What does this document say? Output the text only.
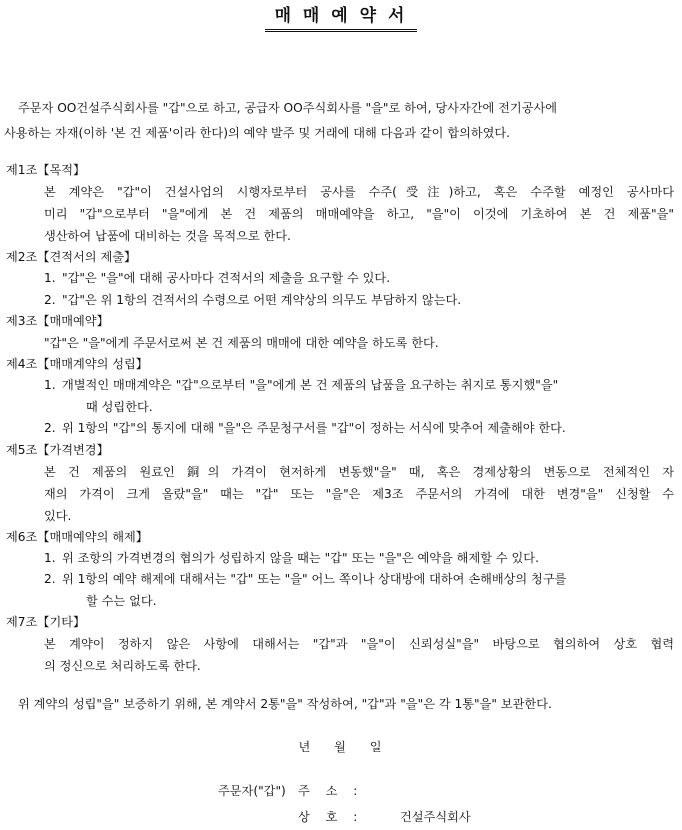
매 매 예 약 서
주문자 OO건설주식회사를 "갑"으로 하고, 공급자 OO주식회사를 "을"로 하여, 당사자간에 전기공사에
사용하는 자재(이하 '본 건 제품'이라 한다)의 예약 발주 및 거래에 대해 다음과 같이 합의하였다.
제1조【목적】
본 계약은 "갑"이 건설사업의 시행자로부터 공사를 수주(受注)하고, 혹은 수주할 예정인 공사마다
미리 "갑"으로부터 "을"에게 본 건 제품의 매매예약을 하고, "을"이 이것에 기초하여 본 건 제품"을"
생산하여 납품에 대비하는 것을 목적으로 한다.
제2조【견적서의 제출】
1. "갑"은 "을"에 대해 공사마다 견적서의 제출을 요구할 수 있다.
2. "갑"은 위 1항의 견적서의 수령으로 어떤 계약상의 의무도 부담하지 않는다.
제3조【매매예약】
"갑"은 "을"에게 주문서로써 본 건 제품의 매매에 대한 예약을 하도록 한다.
제4조【매매계약의 성립】
1. 개별적인 매매계약은 "갑"으로부터 "을"에게 본 건 제품의 납품을 요구하는 취지로 통지했"을"
때 성립한다.
2. 위 1항의 "갑"의 통지에 대해 "을"은 주문청구서를 "갑"이 정하는 서식에 맞추어 제출해야 한다.
제5조【가격변경】
본 건 제품의 원료인 銅의 가격이 현저하게 변동했"을" 때, 혹은 경제상황의 변동으로 전체적인 자
재의 가격이 크게 올랐"을" 때는 "갑" 또는 "을"은 제3조 주문서의 가격에 대한 변경"을" 신청할 수
있다.
제6조【매매예약의 해제】
1. 위 조항의 가격변경의 협의가 성립하지 않을 때는 "갑" 또는 "을"은 예약을 해제할 수 있다.
2. 위 1항의 예약 해제에 대해서는 "갑" 또는 "을" 어느 쪽이나 상대방에 대하여 손해배상의 청구를
할 수는 없다.
제7조【기타】
본 계약이 정하지 않은 사항에 대해서는 "갑"과 "을"이 신뢰성실"을" 바탕으로 협의하여 상호 협력
의 정신으로 처리하도록 한다.
위 계약의 성립"을" 보증하기 위해, 본 계약서 2통"을" 작성하여, "갑"과 "을"은 각 1통"을" 보관한다.
년 월 일
주문자("갑") 주 소 :
상 호 :	건설주식회사
